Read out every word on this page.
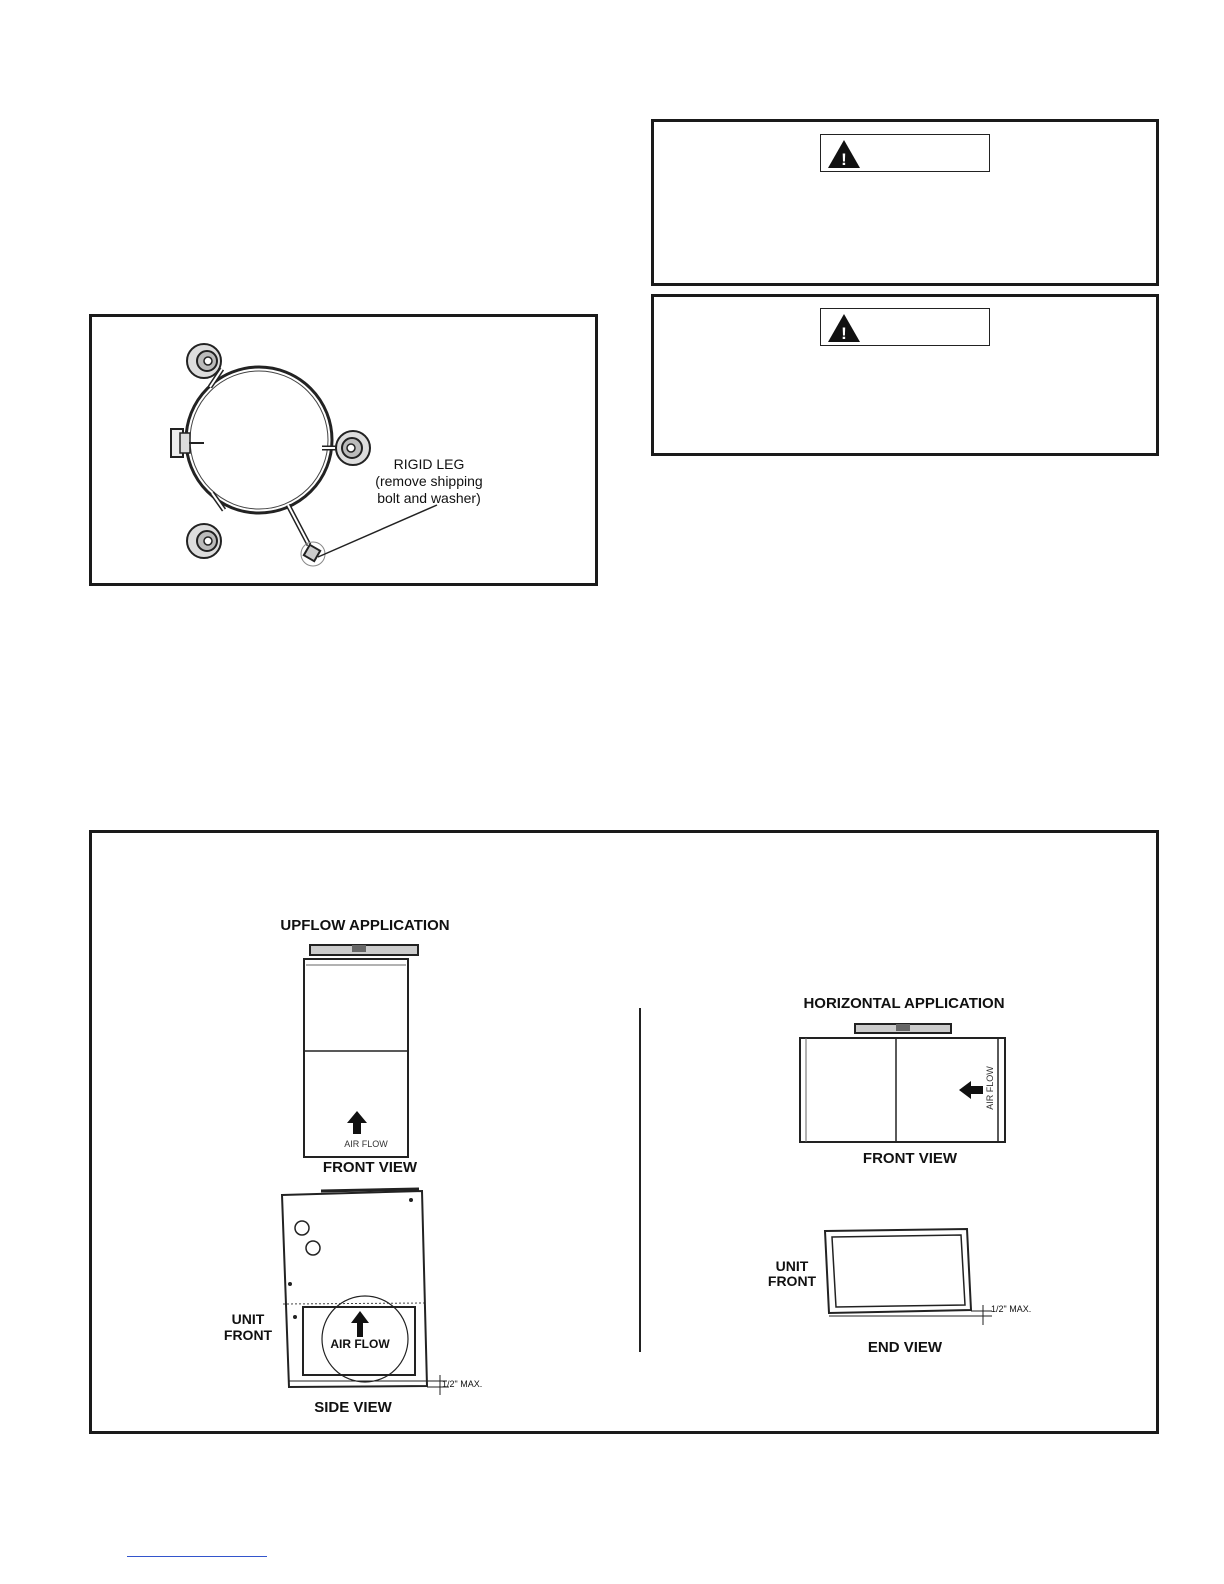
RIGID LEG
(remove shipping
bolt and washer)
!
!
UPFLOW APPLICATION
AIR FLOW
FRONT VIEW
AIR FLOW
UNIT
FRONT
1/2" MAX.
SIDE VIEW
HORIZONTAL APPLICATION
AIR FLOW
FRONT VIEW
UNIT
FRONT
1/2" MAX.
END VIEW
